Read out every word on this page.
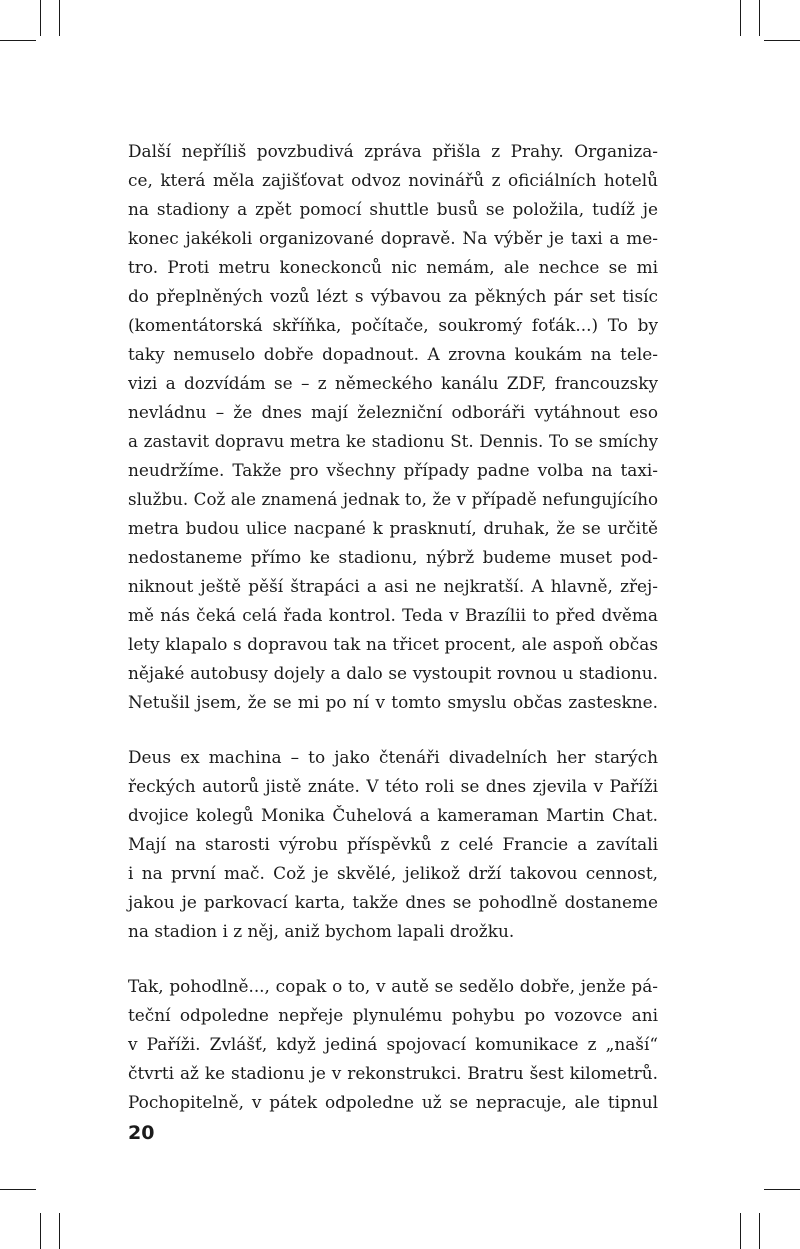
Další nepříliš povzbudivá zpráva přišla z Prahy. Organiza-
ce, která měla zajišťovat odvoz novinářů z oficiálních hotelů
na stadiony a zpět pomocí shuttle busů se položila, tudíž je
konec jakékoli organizované dopravě. Na výběr je taxi a me-
tro. Proti metru koneckonců nic nemám, ale nechce se mi
do přeplněných vozů lézt s výbavou za pěkných pár set tisíc
(komentátorská skříňka, počítače, soukromý foťák...) To by
taky nemuselo dobře dopadnout. A zrovna koukám na tele-
vizi a dozvídám se – z německého kanálu ZDF, francouzsky
nevládnu – že dnes mají železniční odboráři vytáhnout eso
a zastavit dopravu metra ke stadionu St. Dennis. To se smíchy
neudržíme. Takže pro všechny případy padne volba na taxi-
službu. Což ale znamená jednak to, že v případě nefungujícího
metra budou ulice nacpané k prasknutí, druhak, že se určitě
nedostaneme přímo ke stadionu, nýbrž budeme muset pod-
niknout ještě pěší štrapáci a asi ne nejkratší. A hlavně, zřej-
mě nás čeká celá řada kontrol. Teda v Brazílii to před dvěma
lety klapalo s dopravou tak na třicet procent, ale aspoň občas
nějaké autobusy dojely a dalo se vystoupit rovnou u stadionu.
Netušil jsem, že se mi po ní v tomto smyslu občas zasteskne.

Deus ex machina – to jako čtenáři divadelních her starých
řeckých autorů jistě znáte. V této roli se dnes zjevila v Paříži
dvojice kolegů Monika Čuhelová a kameraman Martin Chat.
Mají na starosti výrobu příspěvků z celé Francie a zavítali
i na první mač. Což je skvělé, jelikož drží takovou cennost,
jakou je parkovací karta, takže dnes se pohodlně dostaneme
na stadion i z něj, aniž bychom lapali drožku.

Tak, pohodlně..., copak o to, v autě se sedělo dobře, jenže pá-
teční odpoledne nepřeje plynulému pohybu po vozovce ani
v Paříži. Zvlášť, když jediná spojovací komunikace z „naší“
čtvrti až ke stadionu je v rekonstrukci. Bratru šest kilometrů.
Pochopitelně, v pátek odpoledne už se nepracuje, ale tipnul

20
